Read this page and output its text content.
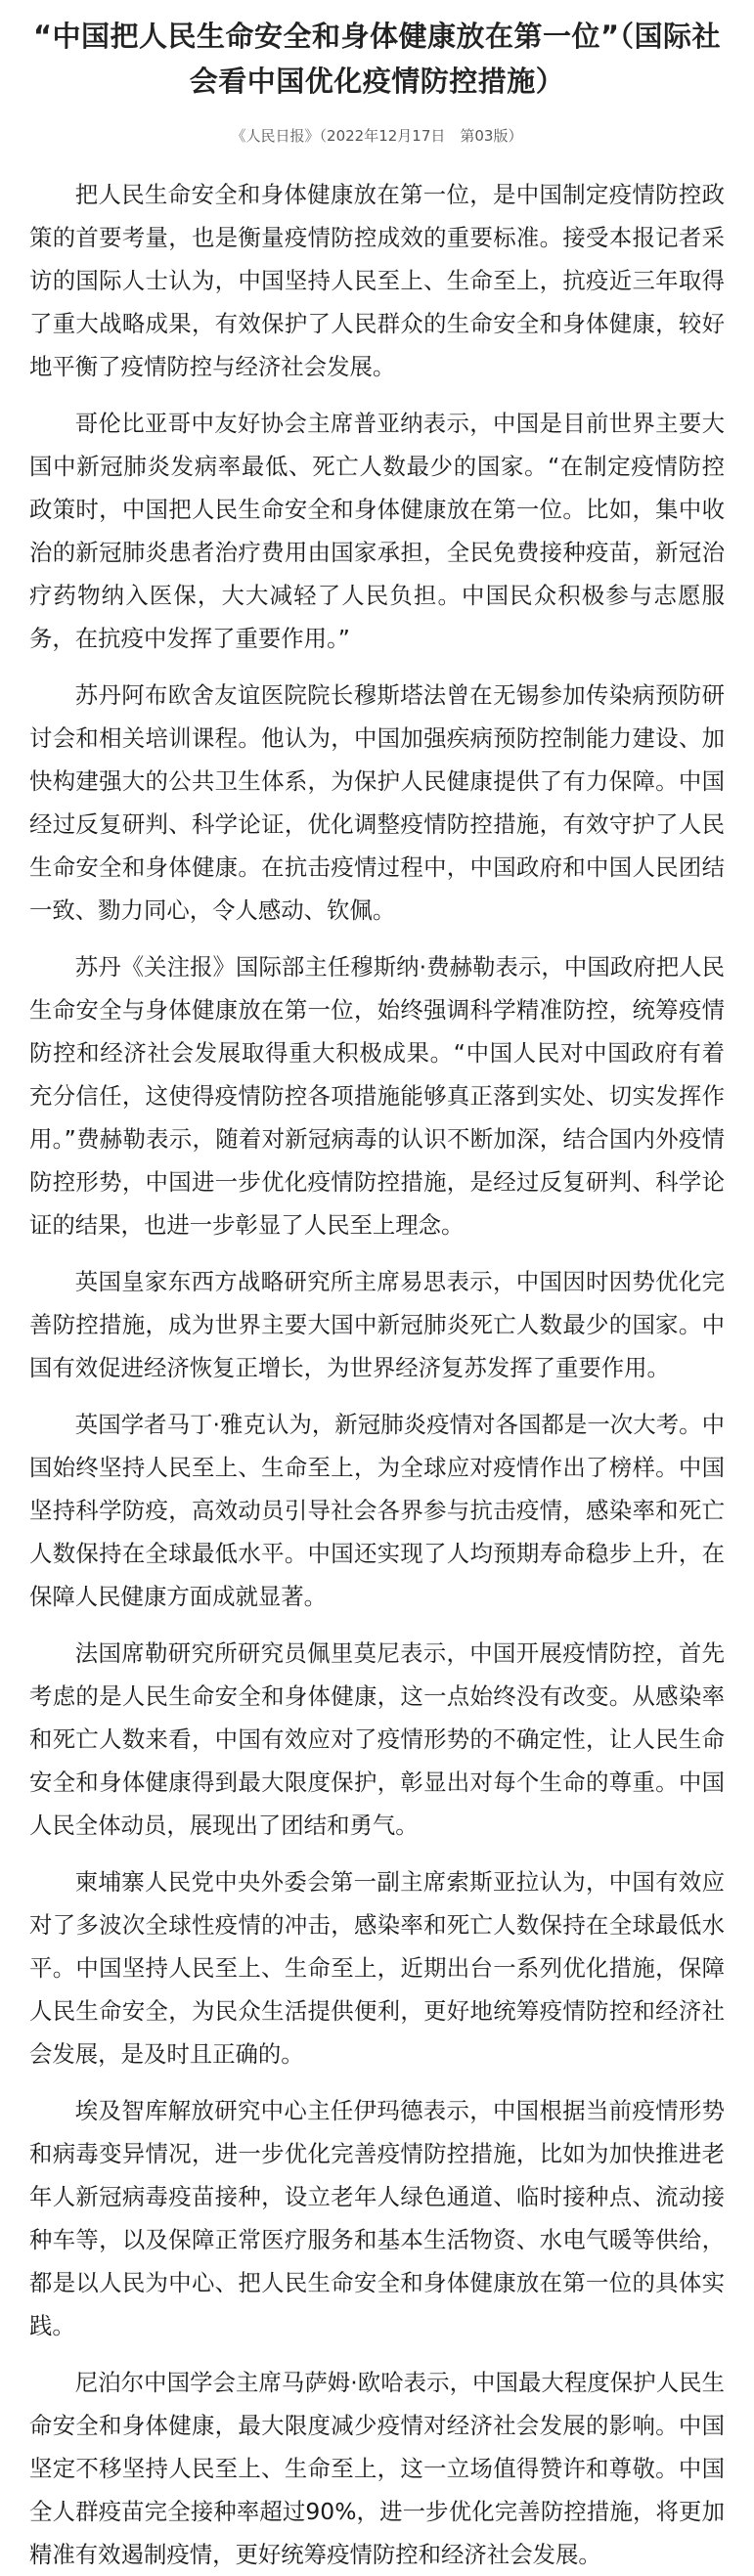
“中国把人民生命安全和身体健康放在第一位”（国际社会看中国优化疫情防控措施）
《人民日报》（2022年12月17日　第03版）

把人民生命安全和身体健康放在第一位，是中国制定疫情防控政策的首要考量，也是衡量疫情防控成效的重要标准。接受本报记者采访的国际人士认为，中国坚持人民至上、生命至上，抗疫近三年取得了重大战略成果，有效保护了人民群众的生命安全和身体健康，较好地平衡了疫情防控与经济社会发展。

哥伦比亚哥中友好协会主席普亚纳表示，中国是目前世界主要大国中新冠肺炎发病率最低、死亡人数最少的国家。“在制定疫情防控政策时，中国把人民生命安全和身体健康放在第一位。比如，集中收治的新冠肺炎患者治疗费用由国家承担，全民免费接种疫苗，新冠治疗药物纳入医保，大大减轻了人民负担。中国民众积极参与志愿服务，在抗疫中发挥了重要作用。”

苏丹阿布欧舍友谊医院院长穆斯塔法曾在无锡参加传染病预防研讨会和相关培训课程。他认为，中国加强疾病预防控制能力建设、加快构建强大的公共卫生体系，为保护人民健康提供了有力保障。中国经过反复研判、科学论证，优化调整疫情防控措施，有效守护了人民生命安全和身体健康。在抗击疫情过程中，中国政府和中国人民团结一致、勠力同心，令人感动、钦佩。

苏丹《关注报》国际部主任穆斯纳·费赫勒表示，中国政府把人民生命安全与身体健康放在第一位，始终强调科学精准防控，统筹疫情防控和经济社会发展取得重大积极成果。“中国人民对中国政府有着充分信任，这使得疫情防控各项措施能够真正落到实处、切实发挥作用。”费赫勒表示，随着对新冠病毒的认识不断加深，结合国内外疫情防控形势，中国进一步优化疫情防控措施，是经过反复研判、科学论证的结果，也进一步彰显了人民至上理念。

英国皇家东西方战略研究所主席易思表示，中国因时因势优化完善防控措施，成为世界主要大国中新冠肺炎死亡人数最少的国家。中国有效促进经济恢复正增长，为世界经济复苏发挥了重要作用。

英国学者马丁·雅克认为，新冠肺炎疫情对各国都是一次大考。中国始终坚持人民至上、生命至上，为全球应对疫情作出了榜样。中国坚持科学防疫，高效动员引导社会各界参与抗击疫情，感染率和死亡人数保持在全球最低水平。中国还实现了人均预期寿命稳步上升，在保障人民健康方面成就显著。

法国席勒研究所研究员佩里莫尼表示，中国开展疫情防控，首先考虑的是人民生命安全和身体健康，这一点始终没有改变。从感染率和死亡人数来看，中国有效应对了疫情形势的不确定性，让人民生命安全和身体健康得到最大限度保护，彰显出对每个生命的尊重。中国人民全体动员，展现出了团结和勇气。

柬埔寨人民党中央外委会第一副主席索斯亚拉认为，中国有效应对了多波次全球性疫情的冲击，感染率和死亡人数保持在全球最低水平。中国坚持人民至上、生命至上，近期出台一系列优化措施，保障人民生命安全，为民众生活提供便利，更好地统筹疫情防控和经济社会发展，是及时且正确的。

埃及智库解放研究中心主任伊玛德表示，中国根据当前疫情形势和病毒变异情况，进一步优化完善疫情防控措施，比如为加快推进老年人新冠病毒疫苗接种，设立老年人绿色通道、临时接种点、流动接种车等，以及保障正常医疗服务和基本生活物资、水电气暖等供给，都是以人民为中心、把人民生命安全和身体健康放在第一位的具体实践。

尼泊尔中国学会主席马萨姆·欧哈表示，中国最大程度保护人民生命安全和身体健康，最大限度减少疫情对经济社会发展的影响。中国坚定不移坚持人民至上、生命至上，这一立场值得赞许和尊敬。中国全人群疫苗完全接种率超过90%，进一步优化完善防控措施，将更加精准有效遏制疫情，更好统筹疫情防控和经济社会发展。
